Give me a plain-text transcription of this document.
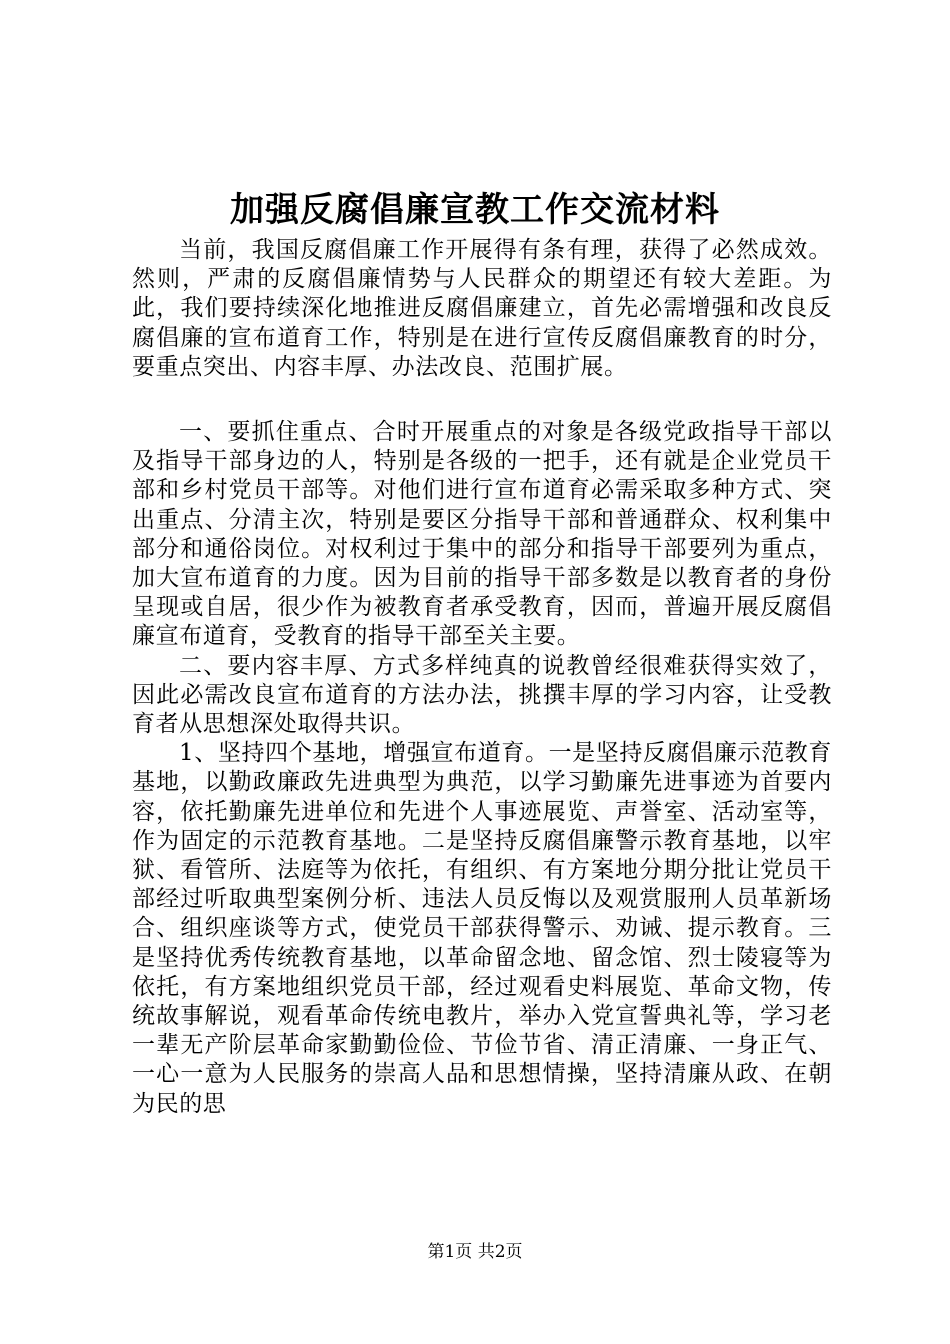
加强反腐倡廉宣教工作交流材料

当前，我国反腐倡廉工作开展得有条有理，获得了必然成效。然则，严肃的反腐倡廉情势与人民群众的期望还有较大差距。为此，我们要持续深化地推进反腐倡廉建立，首先必需增强和改良反腐倡廉的宣布道育工作，特别是在进行宣传反腐倡廉教育的时分，要重点突出、内容丰厚、办法改良、范围扩展。

一、要抓住重点、合时开展重点的对象是各级党政指导干部以及指导干部身边的人，特别是各级的一把手，还有就是企业党员干部和乡村党员干部等。对他们进行宣布道育必需采取多种方式、突出重点、分清主次，特别是要区分指导干部和普通群众、权利集中部分和通俗岗位。对权利过于集中的部分和指导干部要列为重点，加大宣布道育的力度。因为目前的指导干部多数是以教育者的身份呈现或自居，很少作为被教育者承受教育，因而，普遍开展反腐倡廉宣布道育，受教育的指导干部至关主要。

二、要内容丰厚、方式多样纯真的说教曾经很难获得实效了，因此必需改良宣布道育的方法办法，挑撰丰厚的学习内容，让受教育者从思想深处取得共识。

1、坚持四个基地，增强宣布道育。一是坚持反腐倡廉示范教育基地，以勤政廉政先进典型为典范，以学习勤廉先进事迹为首要内容，依托勤廉先进单位和先进个人事迹展览、声誉室、活动室等，作为固定的示范教育基地。二是坚持反腐倡廉警示教育基地，以牢狱、看管所、法庭等为依托，有组织、有方案地分期分批让党员干部经过听取典型案例分析、违法人员反悔以及观赏服刑人员革新场合、组织座谈等方式，使党员干部获得警示、劝诫、提示教育。三是坚持优秀传统教育基地，以革命留念地、留念馆、烈士陵寝等为依托，有方案地组织党员干部，经过观看史料展览、革命文物，传统故事解说，观看革命传统电教片，举办入党宣誓典礼等，学习老一辈无产阶层革命家勤勤俭俭、节俭节省、清正清廉、一身正气、一心一意为人民服务的崇高人品和思想情操，坚持清廉从政、在朝为民的思

第1页 共2页
